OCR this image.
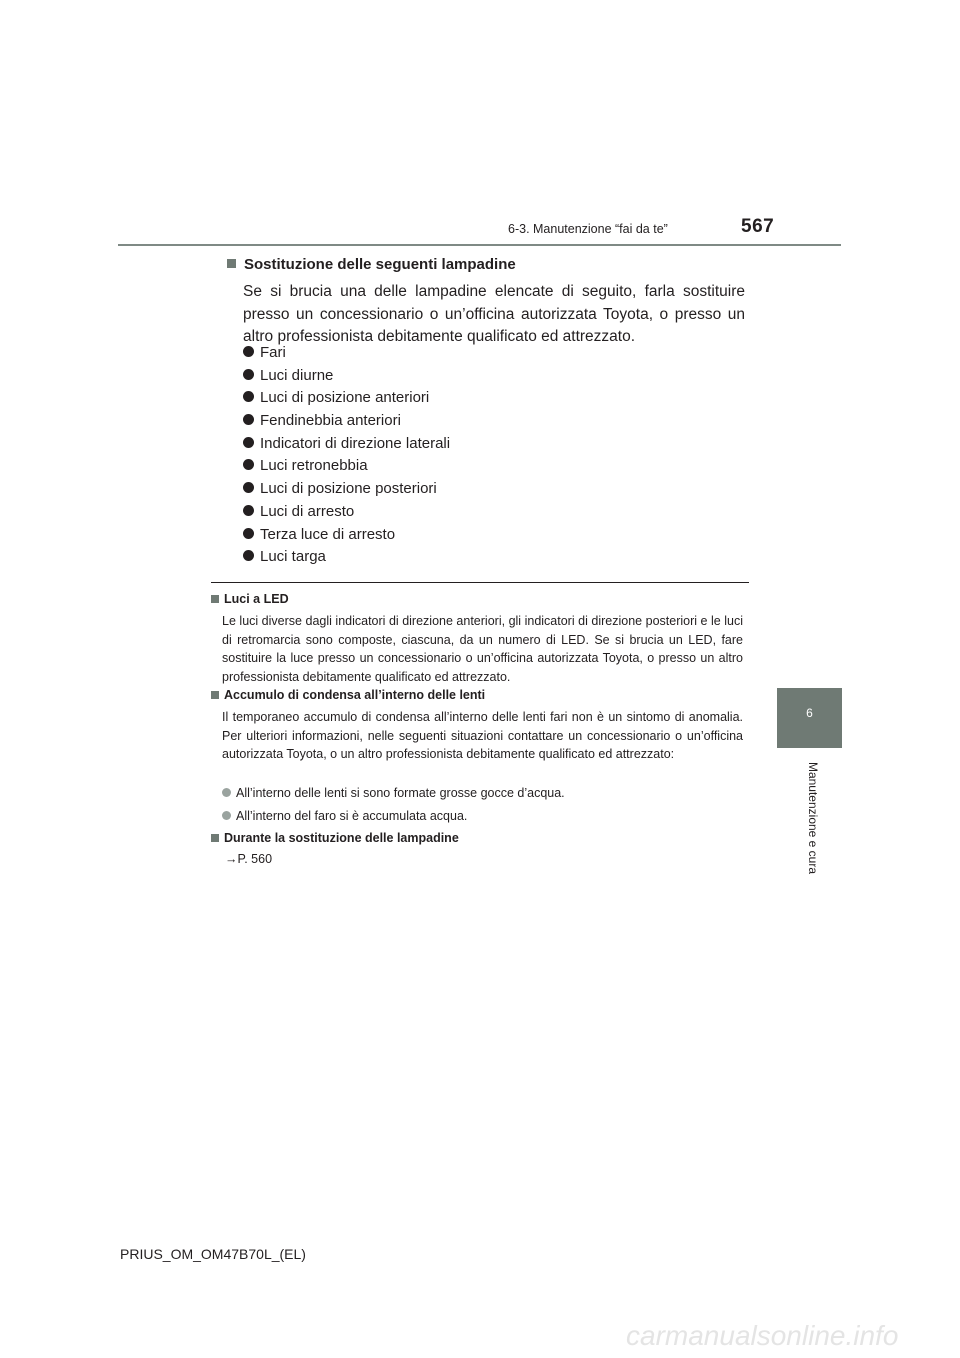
6-3. Manutenzione “fai da te”	567
6
Manutenzione e cura
Sostituzione delle seguenti lampadine
Se si brucia una delle lampadine elencate di seguito, farla sostituire presso un concessionario o un’officina autorizzata Toyota, o presso un altro professionista debitamente qualificato ed attrezzato.
Fari
Luci diurne
Luci di posizione anteriori
Fendinebbia anteriori
Indicatori di direzione laterali
Luci retronebbia
Luci di posizione posteriori
Luci di arresto
Terza luce di arresto
Luci targa
Luci a LED
Le luci diverse dagli indicatori di direzione anteriori, gli indicatori di direzione posteriori e le luci di retromarcia sono composte, ciascuna, da un numero di LED. Se si brucia un LED, fare sostituire la luce presso un concessionario o un’officina autorizzata Toyota, o presso un altro professionista debitamente qualificato ed attrezzato.
Accumulo di condensa all’interno delle lenti
Il temporaneo accumulo di condensa all’interno delle lenti fari non è un sintomo di anomalia. Per ulteriori informazioni, nelle seguenti situazioni contattare un concessionario o un’officina autorizzata Toyota, o un altro professionista debitamente qualificato ed attrezzato:
All’interno delle lenti si sono formate grosse gocce d’acqua.
All’interno del faro si è accumulata acqua.
Durante la sostituzione delle lampadine
→P. 560
PRIUS_OM_OM47B70L_(EL)
carmanualsonline.info
